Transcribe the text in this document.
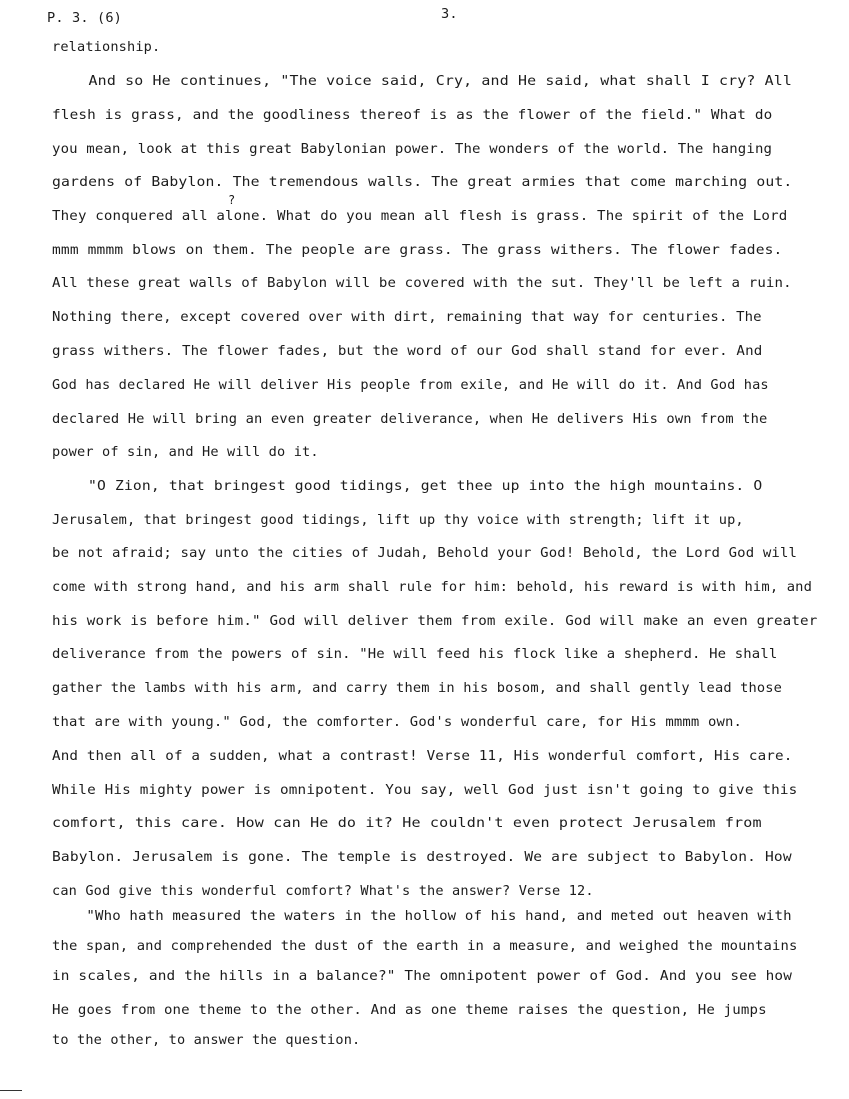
P. 3. (6)	3.
?
relationship.
And so He continues, "The voice said, Cry, and He said, what shall I cry? All
flesh is grass, and the goodliness thereof is as the flower of the field." What do
you mean, look at this great Babylonian power. The wonders of the world. The hanging
gardens of Babylon. The tremendous walls. The great armies that come marching out.
They conquered all alone. What do you mean all flesh is grass. The spirit of the Lord
mmm mmmm blows on them. The people are grass. The grass withers. The flower fades.
All these great walls of Babylon will be covered with the sut. They'll be left a ruin.
Nothing there, except covered over with dirt, remaining that way for centuries. The
grass withers. The flower fades, but the word of our God shall stand for ever. And
God has declared He will deliver His people from exile, and He will do it. And God has
declared He will bring an even greater deliverance, when He delivers His own from the
power of sin, and He will do it.
"O Zion, that bringest good tidings, get thee up into the high mountains. O
Jerusalem, that bringest good tidings, lift up thy voice with strength; lift it up,
be not afraid; say unto the cities of Judah, Behold your God! Behold, the Lord God will
come with strong hand, and his arm shall rule for him: behold, his reward is with him, and
his work is before him." God will deliver them from exile. God will make an even greater
deliverance from the powers of sin. "He will feed his flock like a shepherd. He shall
gather the lambs with his arm, and carry them in his bosom, and shall gently lead those
that are with young." God, the comforter. God's wonderful care, for His mmmm own.
And then all of a sudden, what a contrast! Verse 11, His wonderful comfort, His care.
While His mighty power is omnipotent. You say, well God just isn't going to give this
comfort, this care. How can He do it? He couldn't even protect Jerusalem from
Babylon. Jerusalem is gone. The temple is destroyed. We are subject to Babylon. How
can God give this wonderful comfort? What's the answer? Verse 12.
"Who hath measured the waters in the hollow of his hand, and meted out heaven with
the span, and comprehended the dust of the earth in a measure, and weighed the mountains
in scales, and the hills in a balance?" The omnipotent power of God. And you see how
He goes from one theme to the other. And as one theme raises the question, He jumps
to the other, to answer the question.
